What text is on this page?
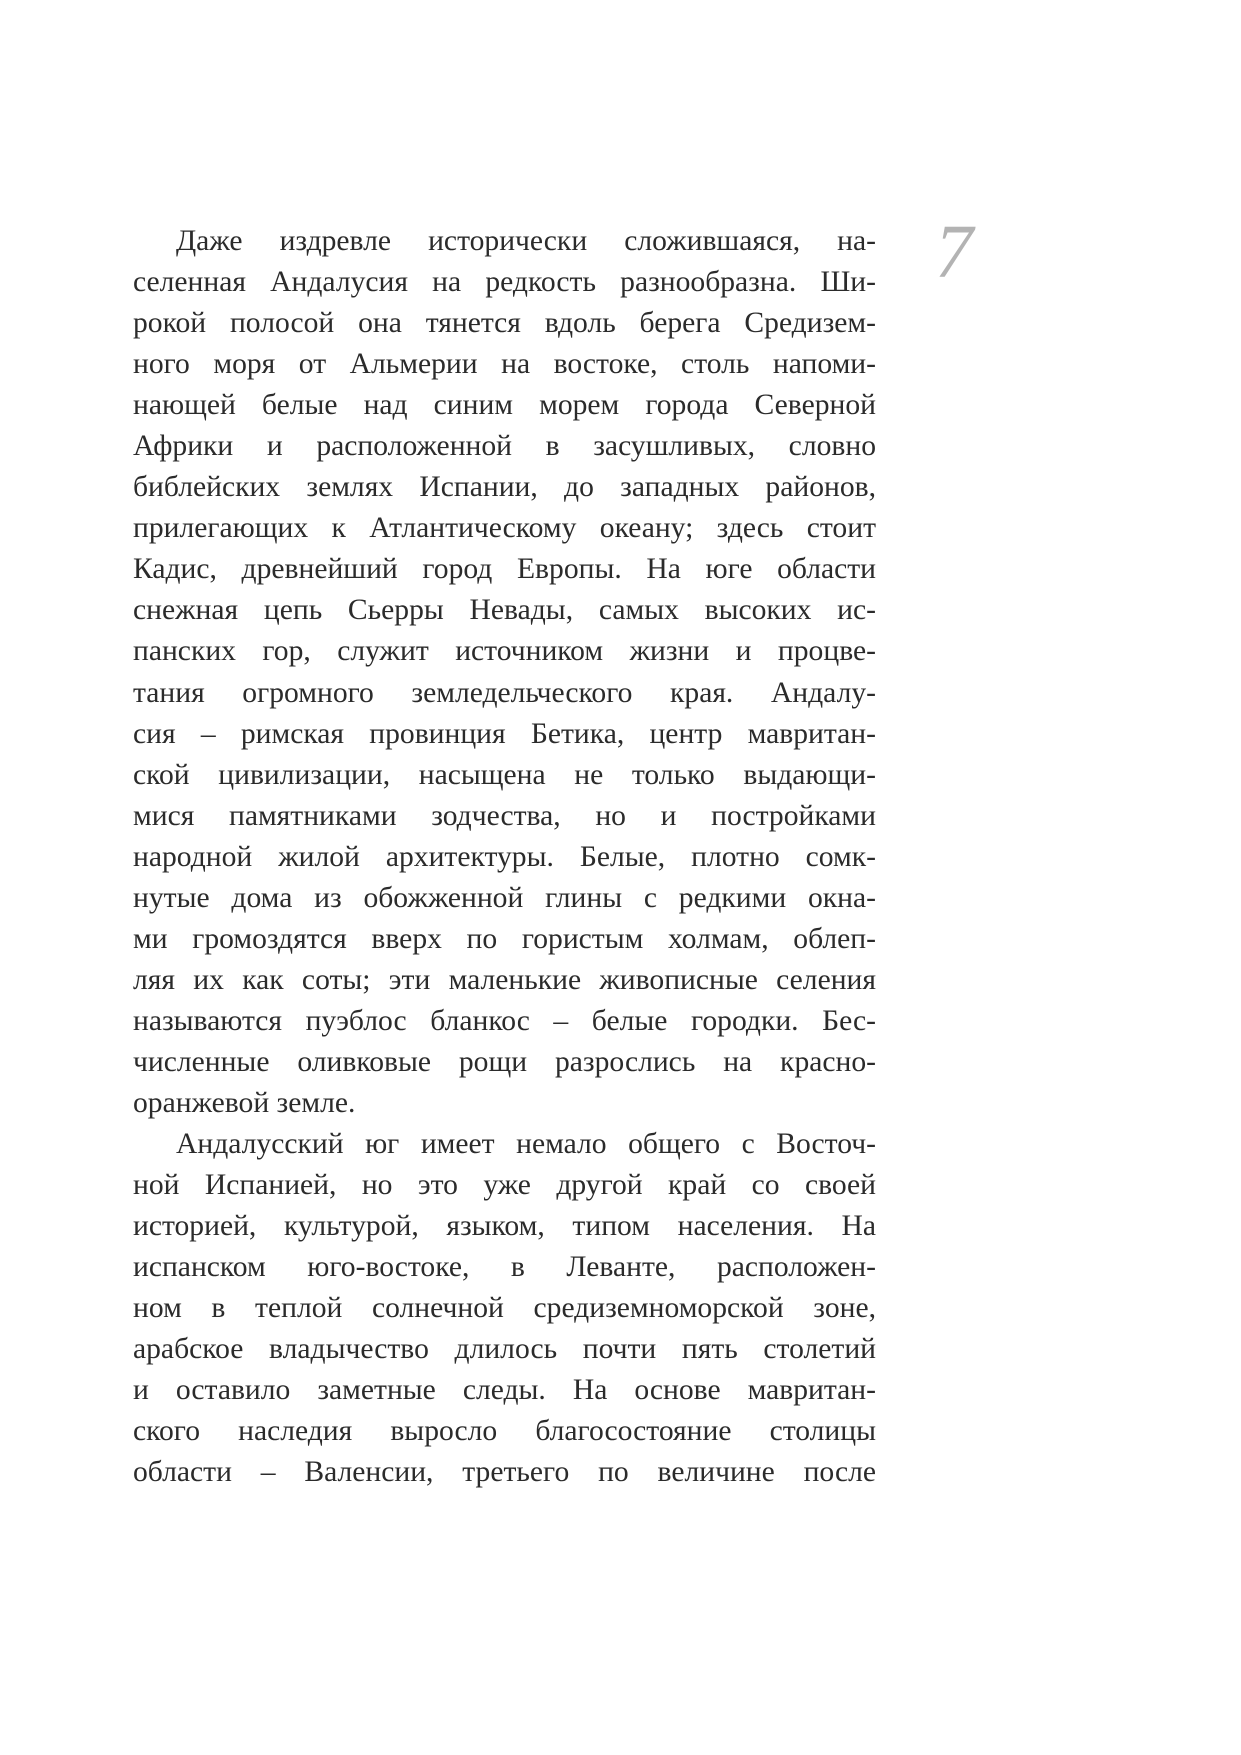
7
Даже издревле исторически сложившаяся, на-
селенная Андалусия на редкость разнообразна. Ши-
рокой полосой она тянется вдоль берега Средизем-
ного моря от Альмерии на востоке, столь напоми-
нающей белые над синим морем города Северной
Африки и расположенной в засушливых, словно
библейских землях Испании, до западных районов,
прилегающих к Атлантическому океану; здесь стоит
Кадис, древнейший город Европы. На юге области
снежная цепь Сьерры Невады, самых высоких ис-
панских гор, служит источником жизни и процве-
тания огромного земледельческого края. Андалу-
сия – римская провинция Бетика, центр мавритан-
ской цивилизации, насыщена не только выдающи-
мися памятниками зодчества, но и постройками
народной жилой архитектуры. Белые, плотно сомк-
нутые дома из обожженной глины с редкими окна-
ми громоздятся вверх по гористым холмам, облеп-
ляя их как соты; эти маленькие живописные селения
называются пуэблос бланкос – белые городки. Бес-
численные оливковые рощи разрослись на красно-
оранжевой земле.
Андалусский юг имеет немало общего с Восточ-
ной Испанией, но это уже другой край со своей
историей, культурой, языком, типом населения. На
испанском юго-востоке, в Леванте, расположен-
ном в теплой солнечной средиземноморской зоне,
арабское владычество длилось почти пять столетий
и оставило заметные следы. На основе мавритан-
ского наследия выросло благосостояние столицы
области – Валенсии, третьего по величине после
